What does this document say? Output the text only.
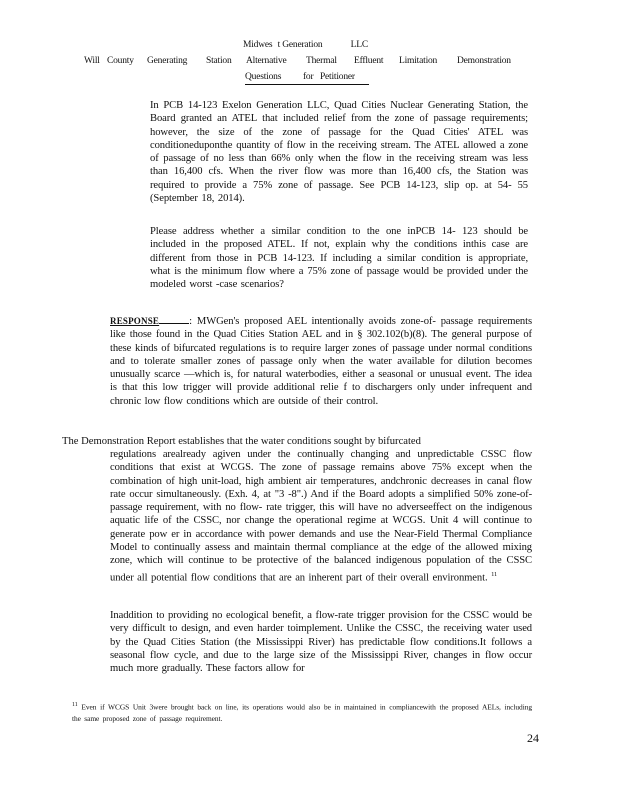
Midwes t Generation	LLC
Will County Generating Station Alternative Thermal Effluent Limitation Demonstration
Questions          for   Petitioner
In PCB 14-123 Exelon Generation LLC, Quad Cities Nuclear Generating Station, the Board granted an ATEL that included relief from the zone of passage requirements; however, the size of the zone of passage for the Quad Cities' ATEL was conditioneduponthe quantity of flow in the receiving stream. The ATEL allowed a zone of passage of no less than 66% only when the flow in the receiving stream was less than 16,400 cfs. When the river flow was more than 16,400 cfs, the Station was required to provide a 75% zone of passage. See PCB 14-123, slip op. at 54- 55 (September 18, 2014).
Please address whether a similar condition to the one inPCB 14- 123 should be included in the proposed ATEL. If not, explain why the conditions inthis case are different from those in PCB 14-123. If including a similar condition is appropriate, what is the minimum flow where a 75% zone of passage would be provided under the modeled worst -case scenarios?
RESPONSE	: MWGen's proposed AEL intentionally avoids zone-of- passage requirements like those found in the Quad Cities Station AEL and in § 302.102(b)(8). The general purpose of these kinds of bifurcated regulations is to require larger zones of passage under normal conditions and to tolerate smaller zones of passage only when the water available for dilution becomes unusually scarce —which is, for natural waterbodies, either a seasonal or unusual event. The idea is that this low trigger will provide additional relie f to dischargers only under infrequent and chronic low flow conditions which are outside of their control.
The Demonstration Report establishes that the water conditions sought by bifurcated
regulations arealready agiven under the continually changing and unpredictable CSSC flow conditions that exist at WCGS. The zone of passage remains above 75% except when the combination of high unit-load, high ambient air temperatures, andchronic decreases in canal flow rate occur simultaneously. (Exh. 4, at "3 -8".) And if the Board adopts a simplified 50% zone-of-passage requirement, with no flow- rate trigger, this will have no adverseeffect on the indigenous aquatic life of the CSSC, nor change the operational regime at WCGS. Unit 4 will continue to generate pow er in accordance with power demands and use the Near-Field Thermal Compliance Model to continually assess and maintain thermal compliance at the edge of the allowed mixing zone, which will continue to be protective of the balanced indigenous population of the CSSC under all potential flow conditions that are an inherent part of their overall environment. $^{11}$
Inaddition to providing no ecological benefit, a flow-rate trigger provision for the CSSC would be very difficult to design, and even harder toimplement. Unlike the CSSC, the receiving water used by the Quad Cities Station (the Mississippi River) has predictable flow conditions.It follows a seasonal flow cycle, and due to the large size of the Mississippi River, changes in flow occur much more gradually. These factors allow for
$^{11}$ Even if WCGS Unit 3were brought back on line, its operations would also be in maintained in compliancewith the proposed AELs, including the same proposed zone of passage requirement.
24
